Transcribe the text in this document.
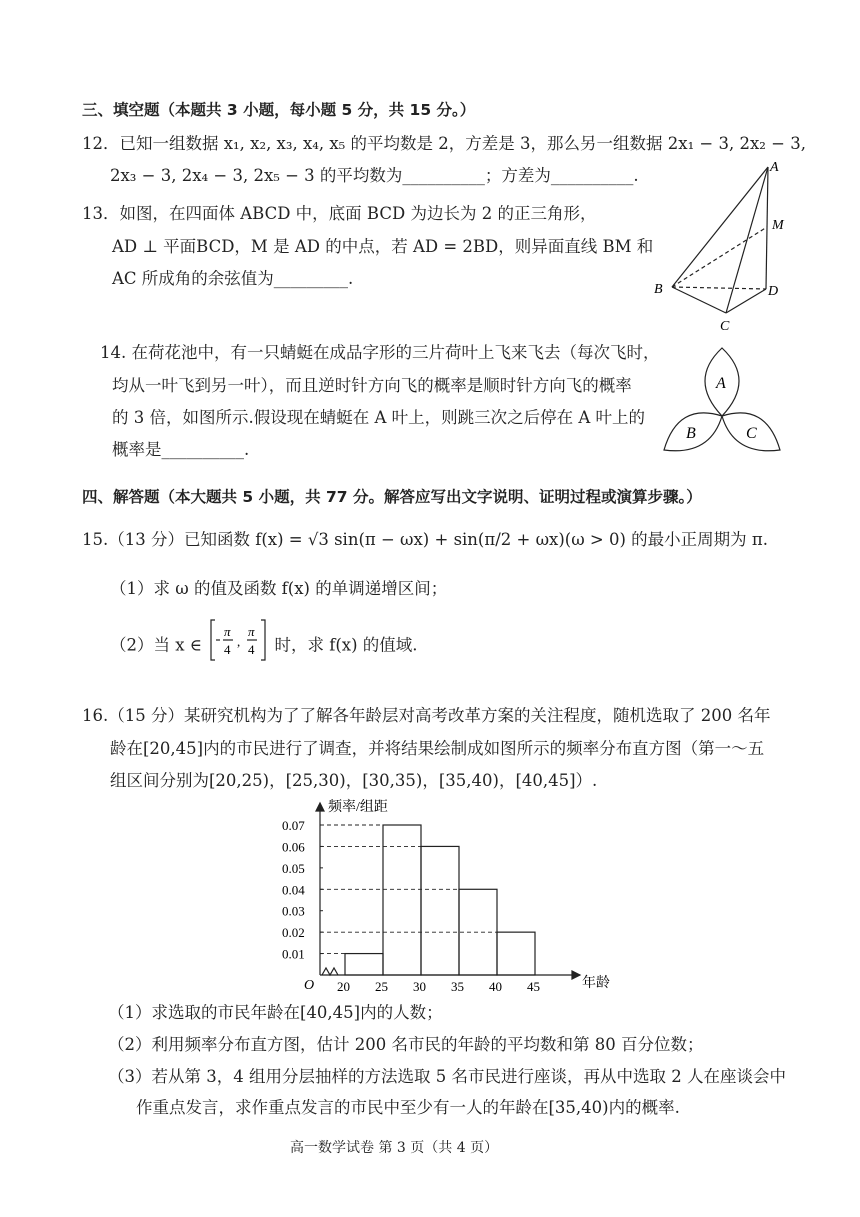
三、填空题（本题共 3 小题，每小题 5 分，共 15 分。）
12．已知一组数据 x₁, x₂, x₃, x₄, x₅ 的平均数是 2，方差是 3，那么另一组数据 2x₁ − 3, 2x₂ − 3,
2x₃ − 3, 2x₄ − 3, 2x₅ − 3 的平均数为__________；方差为__________.
13．如图，在四面体 ABCD 中，底面 BCD 为边长为 2 的正三角形，
AD ⊥ 平面BCD，M 是 AD 的中点，若 AD = 2BD，则异面直线 BM 和
AC 所成角的余弦值为_________.
A
M
B	D
C
14. 在荷花池中，有一只蜻蜓在成品字形的三片荷叶上飞来飞去（每次飞时，
均从一叶飞到另一叶），而且逆时针方向飞的概率是顺时针方向飞的概率
的 3 倍，如图所示.假设现在蜻蜓在 A 叶上，则跳三次之后停在 A 叶上的
概率是__________.
A
B	C
四、解答题（本大题共 5 小题，共 77 分。解答应写出文字说明、证明过程或演算步骤。）
15.（13 分）已知函数 f(x) = √3 sin(π − ωx) + sin(π/2 + ωx)(ω > 0) 的最小正周期为 π.
（1）求 ω 的值及函数 f(x) 的单调递增区间；
（2）当 x ∈
π
4
,
π
4 时，求 f(x) 的值域.
16.（15 分）某研究机构为了了解各年龄层对高考改革方案的关注程度，随机选取了 200 名年
龄在[20,45]内的市民进行了调查，并将结果绘制成如图所示的频率分布直方图（第一～五
组区间分别为[20,25)，[25,30)，[30,35)，[35,40)，[40,45]）.
0.01
0.02
0.03
0.04
0.05
0.06
0.07
20 25 30 35 40 45
频率/组距
年龄
O
（1）求选取的市民年龄在[40,45]内的人数；
（2）利用频率分布直方图，估计 200 名市民的年龄的平均数和第 80 百分位数；
（3）若从第 3，4 组用分层抽样的方法选取 5 名市民进行座谈，再从中选取 2 人在座谈会中
作重点发言，求作重点发言的市民中至少有一人的年龄在[35,40)内的概率.
高一数学试卷 第 3 页（共 4 页）
